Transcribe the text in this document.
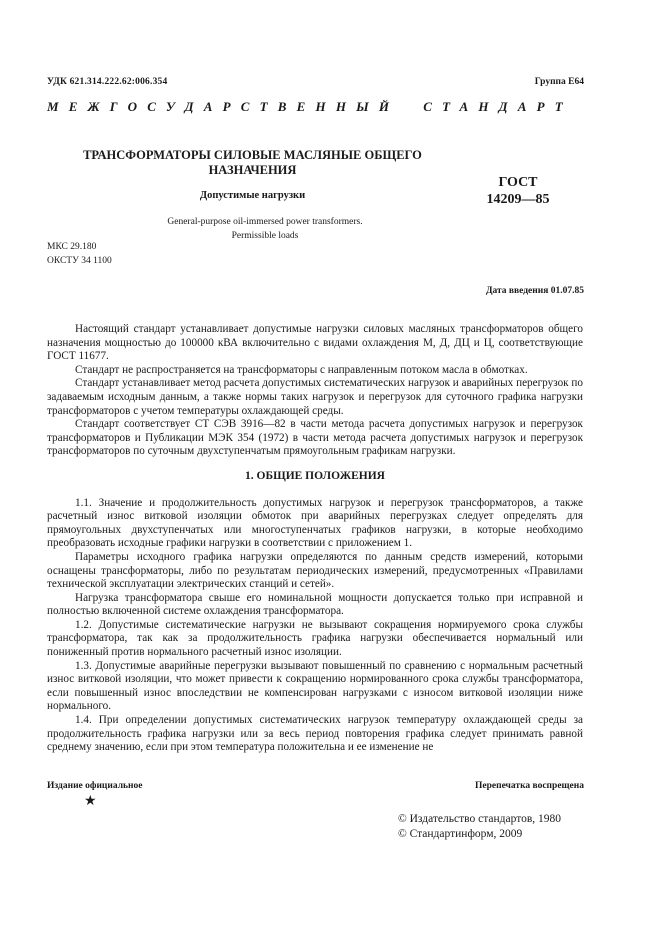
УДК 621.314.222.62:006.354	Группа Е64
МЕЖГОСУДАРСТВЕННЫЙ СТАНДАРТ
ТРАНСФОРМАТОРЫ СИЛОВЫЕ МАСЛЯНЫЕ ОБЩЕГО НАЗНАЧЕНИЯ
Допустимые нагрузки
ГОСТ
14209—85
General-purpose oil-immersed power transformers.
Permissible loads
МКС 29.180
ОКСТУ 34 1100
Дата введения 01.07.85

Настоящий стандарт устанавливает допустимые нагрузки силовых масляных трансформаторов общего назначения мощностью до 100000 кВА включительно с видами охлаждения М, Д, ДЦ и Ц, соответствующие ГОСТ 11677.

Стандарт не распространяется на трансформаторы с направленным потоком масла в обмотках.

Стандарт устанавливает метод расчета допустимых систематических нагрузок и аварийных перегрузок по задаваемым исходным данным, а также нормы таких нагрузок и перегрузок для суточного графика нагрузки трансформаторов с учетом температуры охлаждающей среды.

Стандарт соответствует СТ СЭВ 3916—82 в части метода расчета допустимых нагрузок и перегрузок трансформаторов и Публикации МЭК 354 (1972) в части метода расчета допустимых нагрузок и перегрузок трансформаторов по суточным двухступенчатым прямоугольным графикам нагрузки.

1. ОБЩИЕ ПОЛОЖЕНИЯ

1.1. Значение и продолжительность допустимых нагрузок и перегрузок трансформаторов, а также расчетный износ витковой изоляции обмоток при аварийных перегрузках следует определять для прямоугольных двухступенчатых или многоступенчатых графиков нагрузки, в которые необходимо преобразовать исходные графики нагрузки в соответствии с приложением 1.

Параметры исходного графика нагрузки определяются по данным средств измерений, которыми оснащены трансформаторы, либо по результатам периодических измерений, предусмотренных «Правилами технической эксплуатации электрических станций и сетей».

Нагрузка трансформатора свыше его номинальной мощности допускается только при исправной и полностью включенной системе охлаждения трансформатора.

1.2. Допустимые систематические нагрузки не вызывают сокращения нормируемого срока службы трансформатора, так как за продолжительность графика нагрузки обеспечивается нормальный или пониженный против нормального расчетный износ изоляции.

1.3. Допустимые аварийные перегрузки вызывают повышенный по сравнению с нормальным расчетный износ витковой изоляции, что может привести к сокращению нормированного срока службы трансформатора, если повышенный износ впоследствии не компенсирован нагрузками с износом витковой изоляции ниже нормального.

1.4. При определении допустимых систематических нагрузок температуру охлаждающей среды за продолжительность графика нагрузки или за весь период повторения графика следует принимать равной среднему значению, если при этом температура положительна и ее изменение не

Издание официальное	Перепечатка воспрещена
★
© Издательство стандартов, 1980
© Стандартинформ, 2009
